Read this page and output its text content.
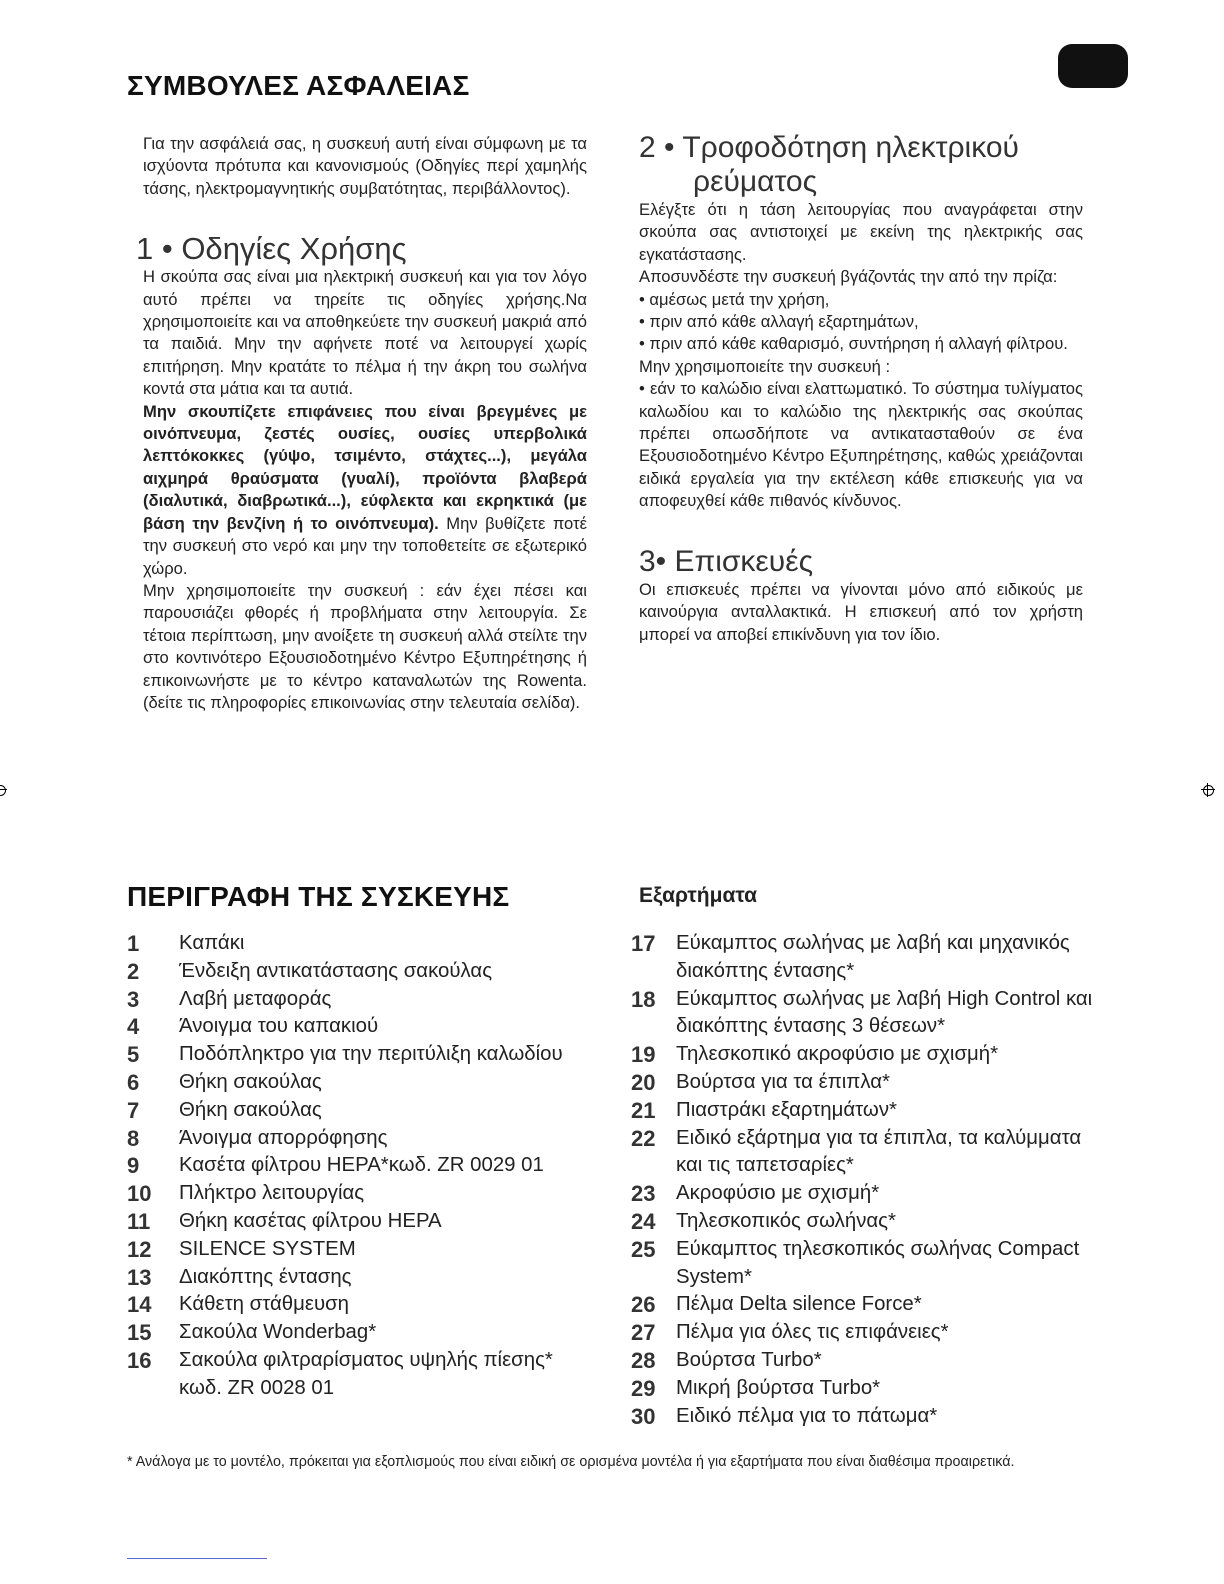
ΣΥΜΒΟΥΛΕΣ ΑΣΦΑΛΕΙΑΣ

Για την ασφάλειά σας, η συσκευή αυτή είναι σύμφωνη με τα ισχύοντα πρότυπα και κανονισμούς (Οδηγίες περί χαμηλής τάσης, ηλεκτρομαγνητικής συμβατότητας, περιβάλλοντος).

1 • Οδηγίες Χρήσης

Η σκούπα σας είναι μια ηλεκτρική συσκευή και για τον λόγο αυτό πρέπει να τηρείτε τις οδηγίες χρήσης.Να χρησιμοποιείτε και να αποθηκεύετε την συσκευή μακριά από τα παιδιά. Μην την αφήνετε ποτέ να λειτουργεί χωρίς επιτήρηση. Μην κρατάτε το πέλμα ή την άκρη του σωλήνα κοντά στα μάτια και τα αυτιά.

Μην σκουπίζετε επιφάνειες που είναι βρεγμένες με οινόπνευμα, ζεστές ουσίες, ουσίες υπερβολικά λεπτόκοκκες (γύψο, τσιμέντο, στάχτες...), μεγάλα αιχμηρά θραύσματα (γυαλί), προϊόντα βλαβερά (διαλυτικά, διαβρωτικά...), εύφλεκτα και εκρηκτικά (με βάση την βενζίνη ή το οινόπνευμα). Μην βυθίζετε ποτέ την συσκευή στο νερό και μην την τοποθετείτε σε εξωτερικό χώρο.

Μην χρησιμοποιείτε την συσκευή : εάν έχει πέσει και παρουσιάζει φθορές ή προβλήματα στην λειτουργία. Σε τέτοια περίπτωση, μην ανοίξετε τη συσκευή αλλά στείλτε την στο κοντινότερο Εξουσιοδοτημένο Κέντρο Εξυπηρέτησης ή επικοινωνήστε με το κέντρο καταναλωτών της Rowenta.(δείτε τις πληροφορίες επικοινωνίας στην τελευταία σελίδα).

2 • Τροφοδότηση ηλεκτρικού
ρεύματος

Ελέγξτε ότι η τάση λειτουργίας που αναγράφεται στην σκούπα σας αντιστοιχεί με εκείνη της ηλεκτρικής σας εγκατάστασης.

Αποσυνδέστε την συσκευή βγάζοντάς την από την πρίζα:

• αμέσως μετά την χρήση,

• πριν από κάθε αλλαγή εξαρτημάτων,

• πριν από κάθε καθαρισμό, συντήρηση ή αλλαγή φίλτρου.

Μην χρησιμοποιείτε την συσκευή :

• εάν το καλώδιο είναι ελαττωματικό. Το σύστημα τυλίγματος καλωδίου και το καλώδιο της ηλεκτρικής σας σκούπας πρέπει οπωσδήποτε να αντικατασταθούν σε ένα Εξουσιοδοτημένο Κέντρο Εξυπηρέτησης, καθώς χρειάζονται ειδικά εργαλεία για την εκτέλεση κάθε επισκευής για να αποφευχθεί κάθε πιθανός κίνδυνος.

3• Επισκευές

Οι επισκευές πρέπει να γίνονται μόνο από ειδικούς με καινούργια ανταλλακτικά. Η επισκευή από τον χρήστη μπορεί να αποβεί επικίνδυνη για τον ίδιο.

ΠΕΡΙΓΡΑΦΗ ΤΗΣ ΣΥΣΚΕΥΗΣ	Εξαρτήματα
1	Καπάκι
2	Ένδειξη αντικατάστασης σακούλας
3	Λαβή μεταφοράς
4	Άνοιγμα του καπακιού
5	Ποδόπληκτρο για την περιτύλιξη καλωδίου
6	Θήκη σακούλας
7	Θήκη σακούλας
8	Άνοιγμα απορρόφησης
9	Κασέτα φίλτρου HEPA*κωδ. ZR 0029 01
10	Πλήκτρο λειτουργίας
11	Θήκη κασέτας φίλτρου HEPA
12	SILENCE SYSTEM
13	Διακόπτης έντασης
14	Κάθετη στάθμευση
15	Σακούλα Wonderbag*
16	Σακούλα φιλτραρίσματος υψηλής πίεσης* κωδ. ZR 0028 01
17	Εύκαμπτος σωλήνας με λαβή και μηχανικός διακόπτης έντασης*
18	Εύκαμπτος σωλήνας με λαβή High Control και διακόπτης έντασης 3 θέσεων*
19	Τηλεσκοπικό ακροφύσιο με σχισμή*
20	Βούρτσα για τα έπιπλα*
21	Πιαστράκι εξαρτημάτων*
22	Ειδικό εξάρτημα για τα έπιπλα, τα καλύμματα και τις ταπετσαρίες*
23	Ακροφύσιο με σχισμή*
24	Τηλεσκοπικός σωλήνας*
25	Εύκαμπτος τηλεσκοπικός σωλήνας Compact System*
26	Πέλμα Delta silence Force*
27	Πέλμα για όλες τις επιφάνειες*
28	Βούρτσα Turbo*
29	Μικρή βούρτσα Turbo*
30	Ειδικό πέλμα για το πάτωμα*

* Ανάλογα με το μοντέλο, πρόκειται για εξοπλισμούς που είναι ειδική σε ορισμένα μοντέλα ή για εξαρτήματα που είναι διαθέσιμα προαιρετικά.
